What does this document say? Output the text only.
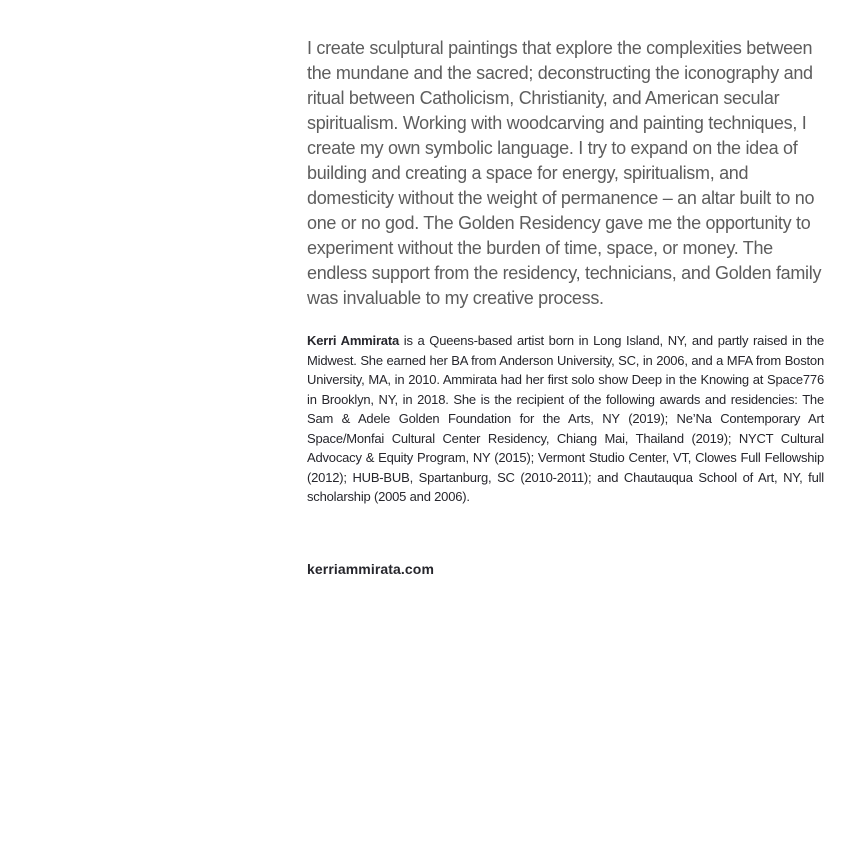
I create sculptural paintings that explore the complexities between the mundane and the sacred; deconstructing the iconography and ritual between Catholicism, Christianity, and American secular spiritualism. Working with woodcarving and painting techniques, I create my own symbolic language. I try to expand on the idea of building and creating a space for energy, spiritualism, and domesticity without the weight of permanence – an altar built to no one or no god. The Golden Residency gave me the opportunity to experiment without the burden of time, space, or money. The endless support from the residency, technicians, and Golden family was invaluable to my creative process.

Kerri Ammirata is a Queens-based artist born in Long Island, NY, and partly raised in the Midwest. She earned her BA from Anderson University, SC, in 2006, and a MFA from Boston University, MA, in 2010. Ammirata had her first solo show Deep in the Knowing at Space776 in Brooklyn, NY, in 2018. She is the recipient of the following awards and residencies: The Sam & Adele Golden Foundation for the Arts, NY (2019); Ne’Na Contemporary Art Space/Monfai Cultural Center Residency, Chiang Mai, Thailand (2019); NYCT Cultural Advocacy & Equity Program, NY (2015); Vermont Studio Center, VT, Clowes Full Fellowship (2012); HUB-BUB, Spartanburg, SC (2010-2011); and Chautauqua School of Art, NY, full scholarship (2005 and 2006).

kerriammirata.com
